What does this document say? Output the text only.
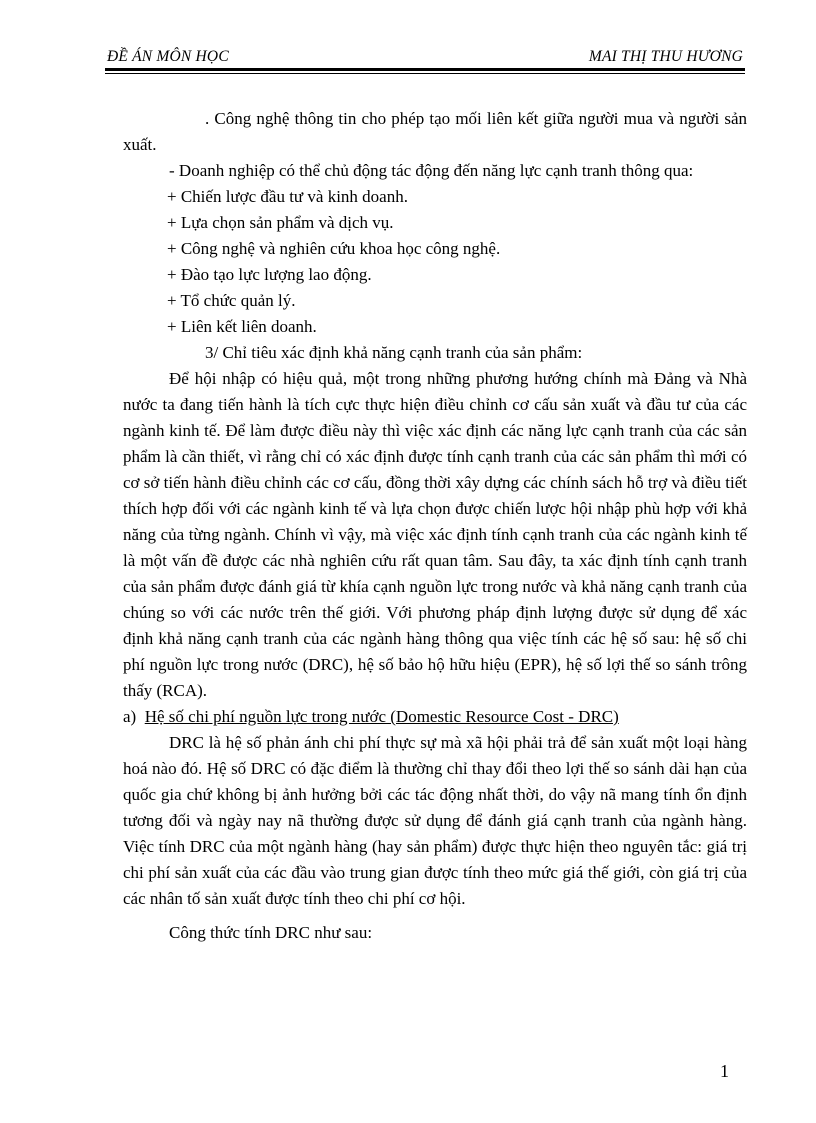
ĐỀ ÁN MÔN HỌC	MAI THỊ THU HƯƠNG

. Công nghệ thông tin cho phép tạo mối liên kết giữa người mua và người sản xuất.

- Doanh nghiệp có thể chủ động tác động đến năng lực cạnh tranh thông qua:

+ Chiến lược đầu tư và kinh doanh.

+ Lựa chọn sản phẩm và dịch vụ.

+ Công nghệ và nghiên cứu khoa học công nghệ.

+ Đào tạo lực lượng lao động.

+ Tổ chức quản lý.

+ Liên kết liên doanh.

3/ Chỉ tiêu xác định khả năng cạnh tranh của sản phẩm:

Để hội nhập có hiệu quả, một trong những phương hướng chính mà Đảng và Nhà nước ta đang tiến hành là tích cực thực hiện điều chỉnh cơ cấu sản xuất và đầu tư của các ngành kinh tế. Để làm được điều này thì việc xác định các năng lực cạnh tranh của các sản phẩm là cần thiết, vì rằng chỉ có xác định được tính cạnh tranh của các sản phẩm thì mới có cơ sở tiến hành điều chỉnh các cơ cấu, đồng thời xây dựng các chính sách hỗ trợ và điều tiết thích hợp đối với các ngành kinh tế và lựa chọn được chiến lược hội nhập phù hợp với khả năng của từng ngành. Chính vì vậy, mà việc xác định tính cạnh tranh của các ngành kinh tế là một vấn đề được các nhà nghiên cứu rất quan tâm. Sau đây, ta xác định tính cạnh tranh của sản phẩm được đánh giá từ khía cạnh nguồn lực trong nước và khả năng cạnh tranh của chúng so với các nước trên thế giới. Với phương pháp định lượng được sử dụng để xác định khả năng cạnh tranh của các ngành hàng thông qua việc tính các hệ số sau: hệ số chi phí nguồn lực trong nước (DRC), hệ số bảo hộ hữu hiệu (EPR), hệ số lợi thế so sánh trông thấy (RCA).

a) Hệ số chi phí nguồn lực trong nước (Domestic Resource Cost - DRC)

DRC là hệ số phản ánh chi phí thực sự mà xã hội phải trả để sản xuất một loại hàng hoá nào đó. Hệ số DRC có đặc điểm là thường chỉ thay đổi theo lợi thế so sánh dài hạn của quốc gia chứ không bị ảnh hưởng bởi các tác động nhất thời, do vậy nã mang tính ổn định tương đối và ngày nay nã thường được sử dụng để đánh giá cạnh tranh của ngành hàng. Việc tính DRC của một ngành hàng (hay sản phẩm) được thực hiện theo nguyên tắc: giá trị chi phí sản xuất của các đầu vào trung gian được tính theo mức giá thế giới, còn giá trị của các nhân tố sản xuất được tính theo chi phí cơ hội.

Công thức tính DRC như sau:

1
